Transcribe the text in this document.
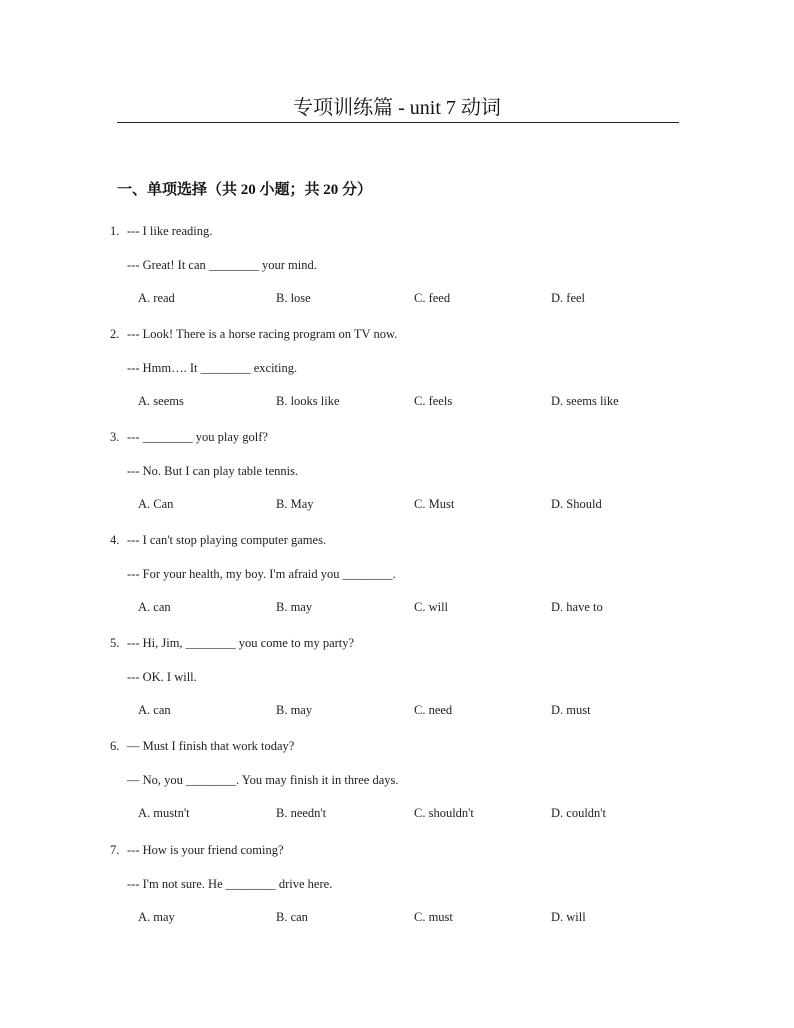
专项训练篇 - unit 7 动词
一、单项选择（共 20 小题；共 20 分）
1. --- I like reading.
--- Great! It can ________ your mind.
A. read	B. lose	C. feed	D. feel
2. --- Look! There is a horse racing program on TV now.
--- Hmm…. It ________ exciting.
A. seems	B. looks like	C. feels	D. seems like
3. --- ________ you play golf?
--- No. But I can play table tennis.
A. Can	B. May	C. Must	D. Should
4. --- I can't stop playing computer games.
--- For your health, my boy. I'm afraid you ________.
A. can	B. may	C. will	D. have to
5. --- Hi, Jim, ________ you come to my party?
--- OK. I will.
A. can	B. may	C. need	D. must
6. — Must I finish that work today?
— No, you ________. You may finish it in three days.
A. mustn't	B. needn't	C. shouldn't	D. couldn't
7. --- How is your friend coming?
--- I'm not sure. He ________ drive here.
A. may	B. can	C. must	D. will
